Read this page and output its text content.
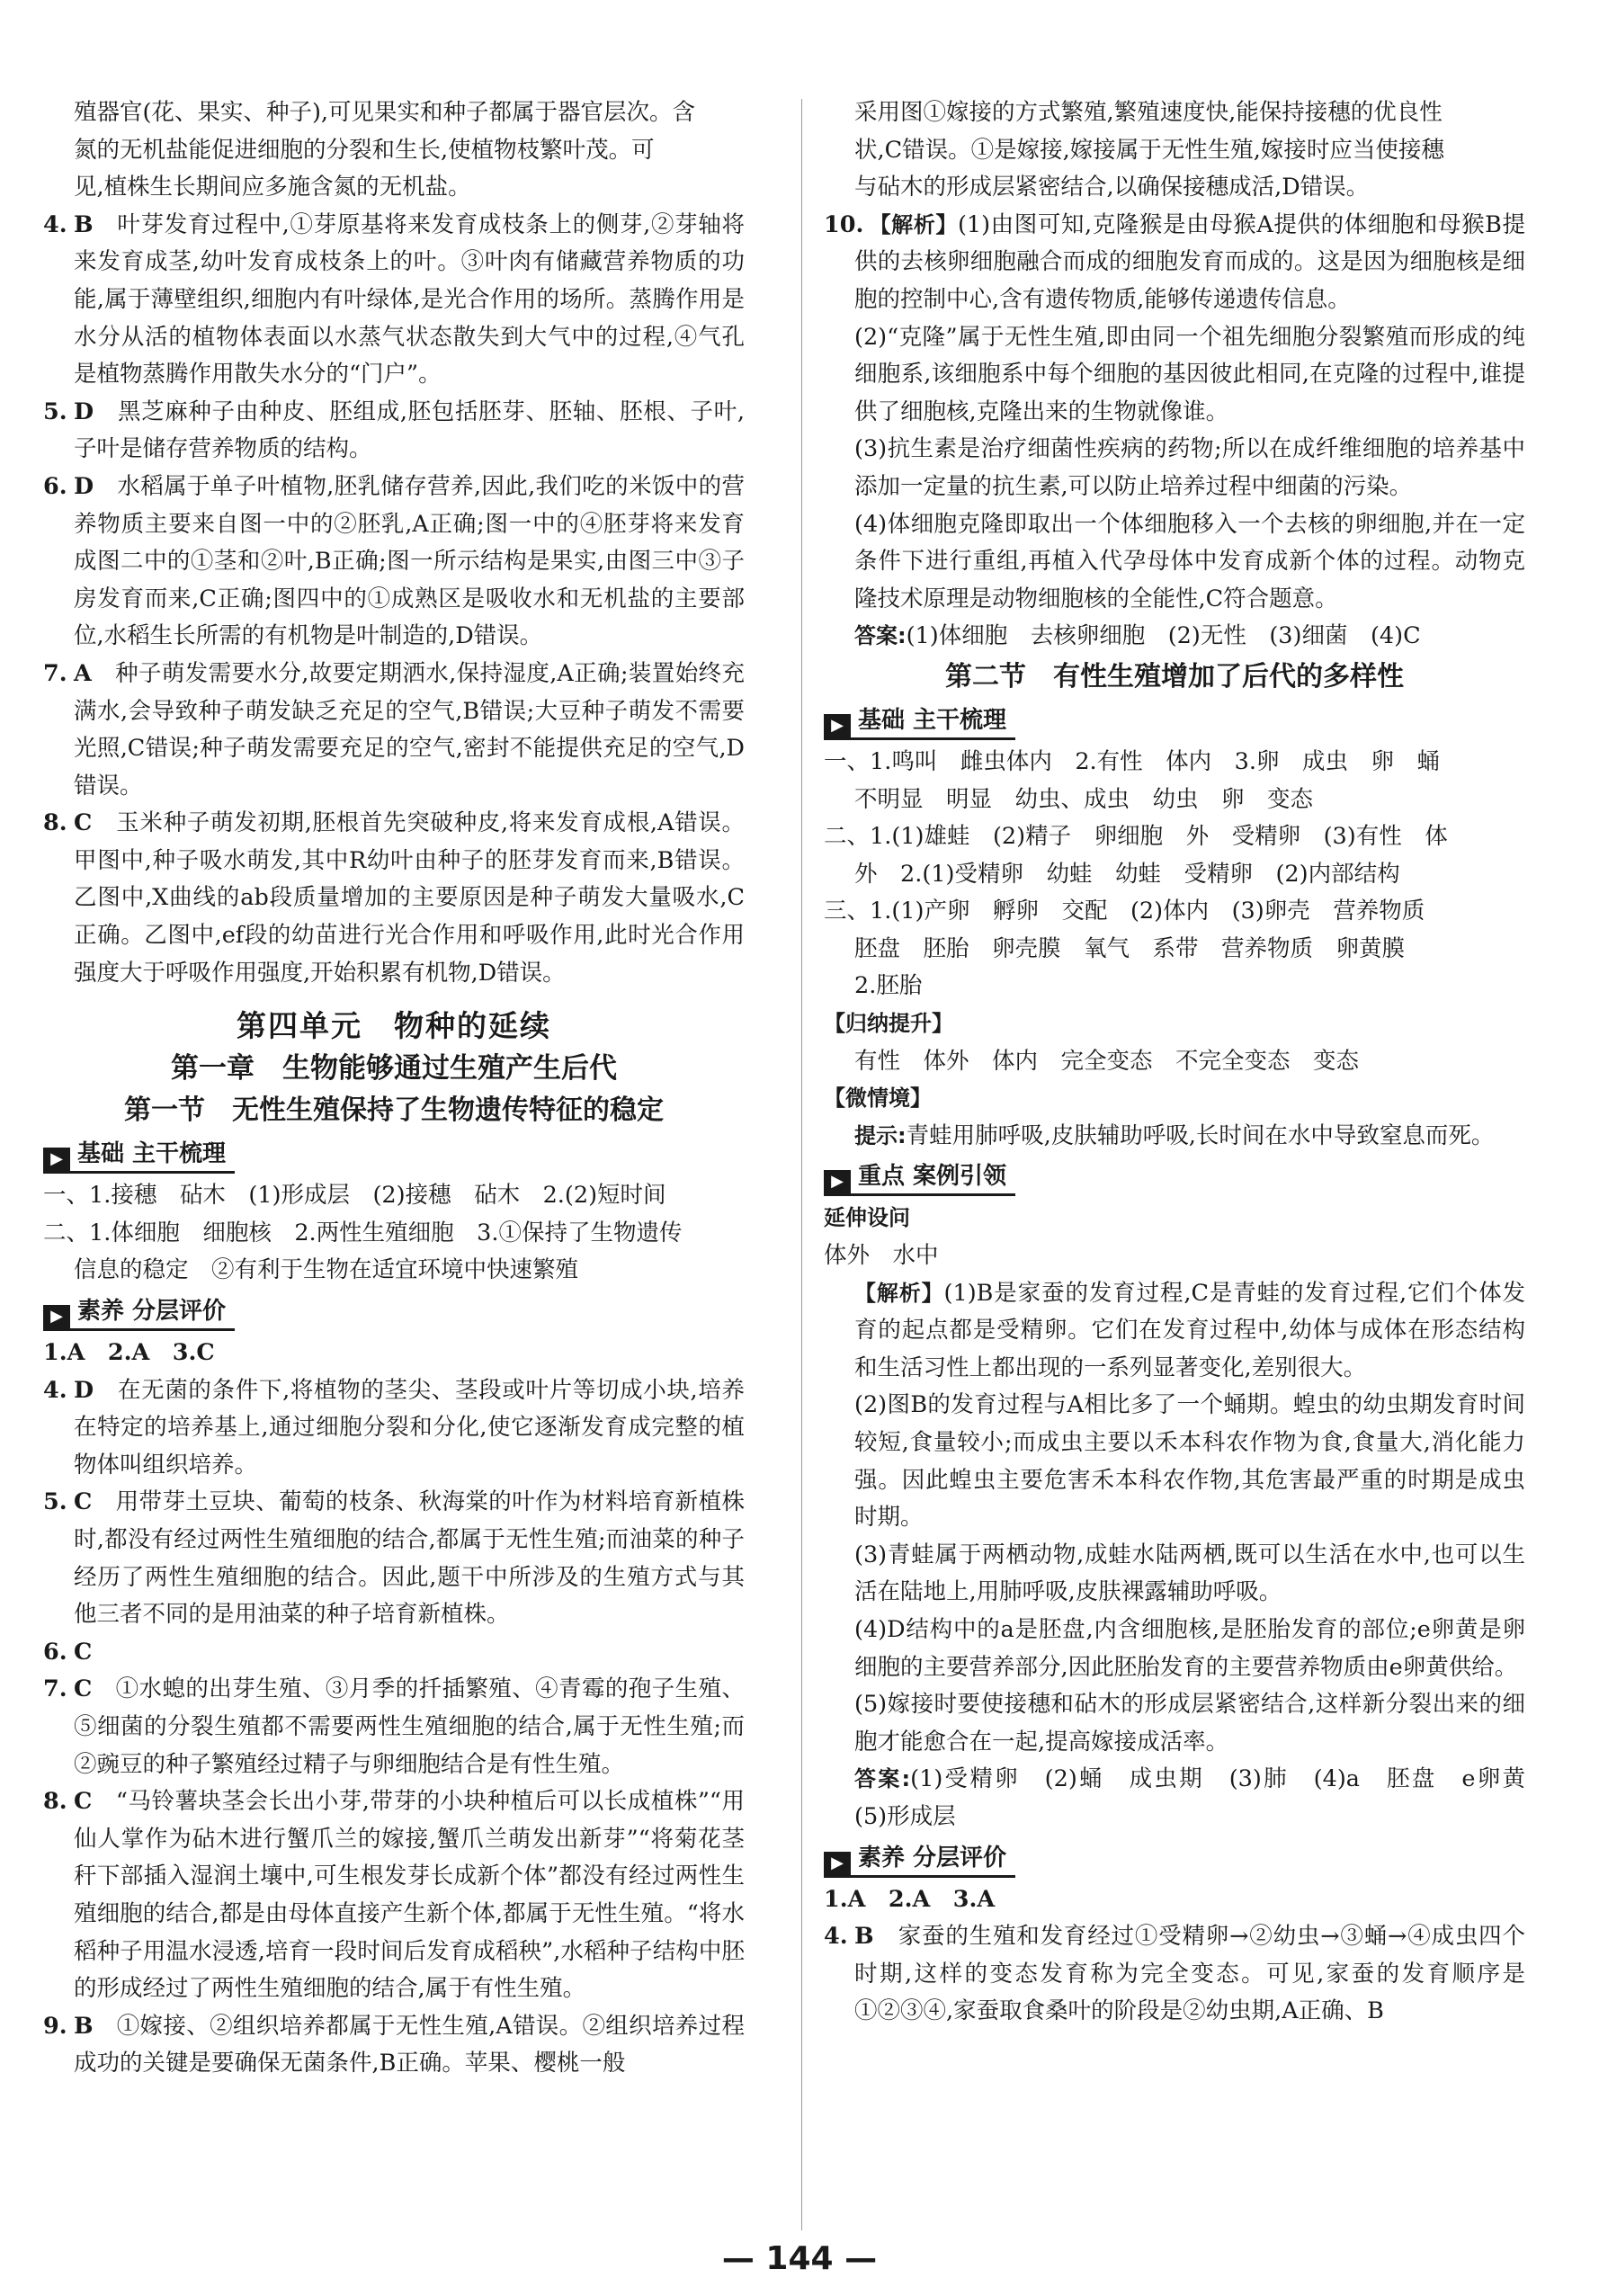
殖器官(花、果实、种子),可见果实和种子都属于器官层次。含

氮的无机盐能促进细胞的分裂和生长,使植物枝繁叶茂。可

见,植株生长期间应多施含氮的无机盐。

4. B　 叶芽发育过程中,①芽原基将来发育成枝条上的侧芽,②芽轴将来发育成茎,幼叶发育成枝条上的叶。③叶肉有储藏营养物质的功能,属于薄壁组织,细胞内有叶绿体,是光合作用的场所。蒸腾作用是水分从活的植物体表面以水蒸气状态散失到大气中的过程,④气孔是植物蒸腾作用散失水分的“门户”。

5. D　 黑芝麻种子由种皮、胚组成,胚包括胚芽、胚轴、胚根、子叶,子叶是储存营养物质的结构。

6. D　 水稻属于单子叶植物,胚乳储存营养,因此,我们吃的米饭中的营养物质主要来自图一中的②胚乳,A正确;图一中的④胚芽将来发育成图二中的①茎和②叶,B正确;图一所示结构是果实,由图三中③子房发育而来,C正确;图四中的①成熟区是吸收水和无机盐的主要部位,水稻生长所需的有机物是叶制造的,D错误。

7. A　 种子萌发需要水分,故要定期洒水,保持湿度,A正确;装置始终充满水,会导致种子萌发缺乏充足的空气,B错误;大豆种子萌发不需要光照,C错误;种子萌发需要充足的空气,密封不能提供充足的空气,D错误。

8. C　 玉米种子萌发初期,胚根首先突破种皮,将来发育成根,A错误。甲图中,种子吸水萌发,其中R幼叶由种子的胚芽发育而来,B错误。乙图中,X曲线的ab段质量增加的主要原因是种子萌发大量吸水,C正确。乙图中,ef段的幼苗进行光合作用和呼吸作用,此时光合作用强度大于呼吸作用强度,开始积累有机物,D错误。

第四单元　物种的延续
第一章　生物能够通过生殖产生后代
第一节　无性生殖保持了生物遗传特征的稳定
▶ 基础 主干梳理

一、1.接穗　砧木　(1)形成层　(2)接穗　砧木　2.(2)短时间

二、1.体细胞　细胞核　2.两性生殖细胞　3.①保持了生物遗传

信息的稳定　②有利于生物在适宜环境中快速繁殖

▶ 素养 分层评价

1.A　2.A　3.C

4. D　 在无菌的条件下,将植物的茎尖、茎段或叶片等切成小块,培养在特定的培养基上,通过细胞分裂和分化,使它逐渐发育成完整的植物体叫组织培养。

5. C　 用带芽土豆块、葡萄的枝条、秋海棠的叶作为材料培育新植株时,都没有经过两性生殖细胞的结合,都属于无性生殖;而油菜的种子经历了两性生殖细胞的结合。因此,题干中所涉及的生殖方式与其他三者不同的是用油菜的种子培育新植株。

6. C

7. C　 ①水螅的出芽生殖、③月季的扦插繁殖、④青霉的孢子生殖、⑤细菌的分裂生殖都不需要两性生殖细胞的结合,属于无性生殖;而②豌豆的种子繁殖经过精子与卵细胞结合是有性生殖。

8. C　 “马铃薯块茎会长出小芽,带芽的小块种植后可以长成植株”“用仙人掌作为砧木进行蟹爪兰的嫁接,蟹爪兰萌发出新芽”“将菊花茎秆下部插入湿润土壤中,可生根发芽长成新个体”都没有经过两性生殖细胞的结合,都是由母体直接产生新个体,都属于无性生殖。“将水稻种子用温水浸透,培育一段时间后发育成稻秧”,水稻种子结构中胚的形成经过了两性生殖细胞的结合,属于有性生殖。

9. B　 ①嫁接、②组织培养都属于无性生殖,A错误。②组织培养过程成功的关键是要确保无菌条件,B正确。苹果、樱桃一般

采用图①嫁接的方式繁殖,繁殖速度快,能保持接穗的优良性

状,C错误。①是嫁接,嫁接属于无性生殖,嫁接时应当使接穗

与砧木的形成层紧密结合,以确保接穗成活,D错误。

10. 【解析】(1)由图可知,克隆猴是由母猴A提供的体细胞和母猴B提供的去核卵细胞融合而成的细胞发育而成的。这是因为细胞核是细胞的控制中心,含有遗传物质,能够传递遗传信息。

(2)“克隆”属于无性生殖,即由同一个祖先细胞分裂繁殖而形成的纯细胞系,该细胞系中每个细胞的基因彼此相同,在克隆的过程中,谁提供了细胞核,克隆出来的生物就像谁。

(3)抗生素是治疗细菌性疾病的药物;所以在成纤维细胞的培养基中添加一定量的抗生素,可以防止培养过程中细菌的污染。

(4)体细胞克隆即取出一个体细胞移入一个去核的卵细胞,并在一定条件下进行重组,再植入代孕母体中发育成新个体的过程。动物克隆技术原理是动物细胞核的全能性,C符合题意。

答案:(1)体细胞　去核卵细胞　(2)无性　(3)细菌　(4)C

第二节　有性生殖增加了后代的多样性
▶ 基础 主干梳理

一、1.鸣叫　雌虫体内　2.有性　体内　3.卵　成虫　卵　蛹

不明显　明显　幼虫、成虫　幼虫　卵　变态

二、1.(1)雄蛙　(2)精子　卵细胞　外　受精卵　(3)有性　体

外　2.(1)受精卵　幼蛙　幼蛙　受精卵　(2)内部结构

三、1.(1)产卵　孵卵　交配　(2)体内　(3)卵壳　营养物质

胚盘　胚胎　卵壳膜　氧气　系带　营养物质　卵黄膜

2.胚胎

【归纳提升】

有性　体外　体内　完全变态　不完全变态　变态

【微情境】

提示:青蛙用肺呼吸,皮肤辅助呼吸,长时间在水中导致窒息而死。

▶ 重点 案例引领

延伸设问

体外　水中

【解析】(1)B是家蚕的发育过程,C是青蛙的发育过程,它们个体发育的起点都是受精卵。它们在发育过程中,幼体与成体在形态结构和生活习性上都出现的一系列显著变化,差别很大。

(2)图B的发育过程与A相比多了一个蛹期。蝗虫的幼虫期发育时间较短,食量较小;而成虫主要以禾本科农作物为食,食量大,消化能力强。因此蝗虫主要危害禾本科农作物,其危害最严重的时期是成虫时期。

(3)青蛙属于两栖动物,成蛙水陆两栖,既可以生活在水中,也可以生活在陆地上,用肺呼吸,皮肤裸露辅助呼吸。

(4)D结构中的a是胚盘,内含细胞核,是胚胎发育的部位;e卵黄是卵细胞的主要营养部分,因此胚胎发育的主要营养物质由e卵黄供给。

(5)嫁接时要使接穗和砧木的形成层紧密结合,这样新分裂出来的细胞才能愈合在一起,提高嫁接成活率。

答案:(1)受精卵　(2)蛹　成虫期　(3)肺　(4)a　胚盘　e卵黄　(5)形成层

▶ 素养 分层评价

1.A　2.A　3.A

4. B　 家蚕的生殖和发育经过①受精卵→②幼虫→③蛹→④成虫四个时期,这样的变态发育称为完全变态。可见,家蚕的发育顺序是①②③④,家蚕取食桑叶的阶段是②幼虫期,A正确、B

— 144 —
